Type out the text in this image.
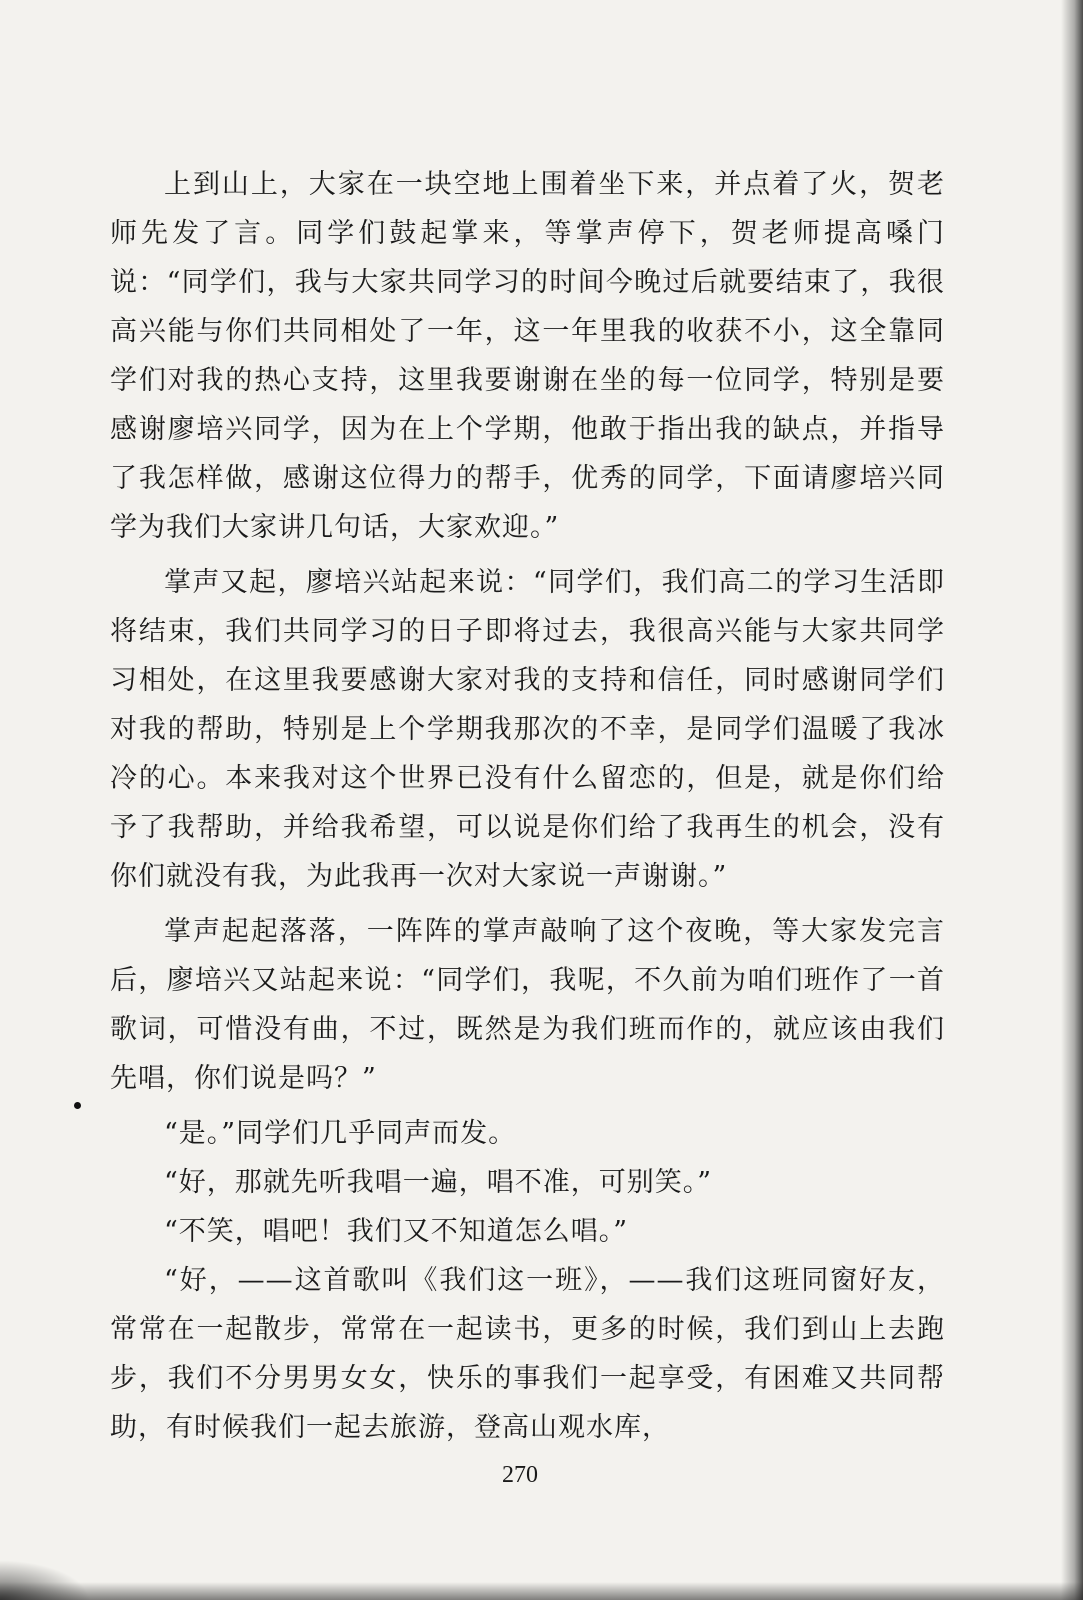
上到山上，大家在一块空地上围着坐下来，并点着了火，贺老师先发了言。同学们鼓起掌来，等掌声停下，贺老师提高嗓门说：“同学们，我与大家共同学习的时间今晚过后就要结束了，我很高兴能与你们共同相处了一年，这一年里我的收获不小，这全靠同学们对我的热心支持，这里我要谢谢在坐的每一位同学，特别是要感谢廖培兴同学，因为在上个学期，他敢于指出我的缺点，并指导了我怎样做，感谢这位得力的帮手，优秀的同学，下面请廖培兴同学为我们大家讲几句话，大家欢迎。”

掌声又起，廖培兴站起来说：“同学们，我们高二的学习生活即将结束，我们共同学习的日子即将过去，我很高兴能与大家共同学习相处，在这里我要感谢大家对我的支持和信任，同时感谢同学们对我的帮助，特别是上个学期我那次的不幸，是同学们温暖了我冰冷的心。本来我对这个世界已没有什么留恋的，但是，就是你们给予了我帮助，并给我希望，可以说是你们给了我再生的机会，没有你们就没有我，为此我再一次对大家说一声谢谢。”

掌声起起落落，一阵阵的掌声敲响了这个夜晚，等大家发完言后，廖培兴又站起来说：“同学们，我呢，不久前为咱们班作了一首歌词，可惜没有曲，不过，既然是为我们班而作的，就应该由我们先唱，你们说是吗？”

“是。”同学们几乎同声而发。

“好，那就先听我唱一遍，唱不准，可别笑。”

“不笑，唱吧！我们又不知道怎么唱。”

“好，——这首歌叫《我们这一班》，——我们这班同窗好友，常常在一起散步，常常在一起读书，更多的时候，我们到山上去跑步，我们不分男男女女，快乐的事我们一起享受，有困难又共同帮助，有时候我们一起去旅游，登高山观水库，

270
